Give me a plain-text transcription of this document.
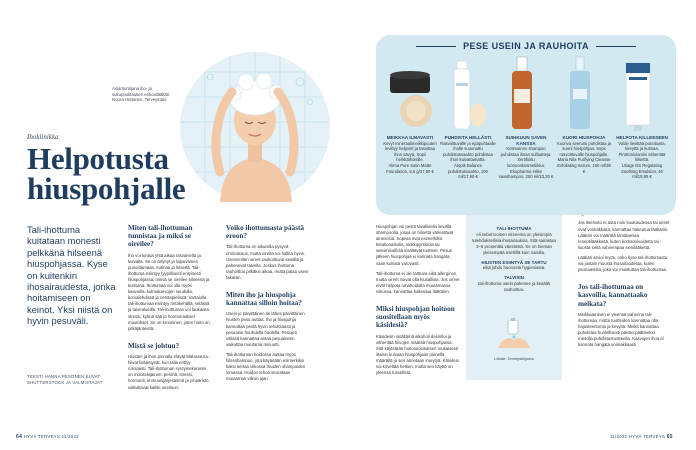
Asiantuntijana iho- ja sukupuolitautien erikoislääkäri Noora Huttunen, Terveystalo
Ihoklinikka
Helpotusta hiuspohjalle
Tali-ihottuma kuitataan monesti pelkkänä hilseenä hiuspohjassa. Kyse on kuitenkin ihosairaudesta, jonka hoitamiseen on keinot. Yksi niistä on hyvin pesuväli.
TEKSTI HANNA PESONEN KUVAT SHUTTERSTOCK JA VALMISTAJAT
Miten tali-ihottuman tunnistaa ja miksi se oireilee?

Iho voi tuntua yhtä aikaa rasvaiselta ja kuivalta. Se on ärtynyt ja taipuvainen punoittamaan, kutinaa ja hilsettä. Tali-ihottuma esiintyy tyypillisesti erityisesti hiuspohjassa, missä se oireilee hilseenä ja kutinana. Ihottumaa voi olla myös kasvoilla, kulmakarvojen seudulla, korvalehdissä ja nenänpielissä. Vartalolla tali-ihottumaa esiintyy rintakehällä, selässä ja taivealueilla. Tali-ihottuman voi laukaista stressi, kylmä sää ja hormonaaliset muutokset. Se on krooninen, joten hoito on pitkäjänteistä.

Mistä se johtuu?

Hiusten ja ihon pinnalla elävät Malassezia-hiivat lisääntyvät, kun talia erittyy runsaasti. Tali-ihottuman syntymekanismi on monitekijäinen: perimä, stressi, hormonit, immuunijärjestelmä ja ympäristö vaikuttavat kaikki oireiluun.

Voiko ihottumasta päästä eroon?

Tali-ihottuma on aikuisilla pysyvä ominaisuus, mutta oireita voi hallita hyvin. Useimmiten oireet rauhoittuvat kesällä ja pahenevat talvella. Joskus ihottuma rauhoittuu pitkäksi aikaa, mutta palaa usein takaisin.

Miten iho ja hiuspohja kannattaa silloin hoitaa?

Usein jo päivittäinen tai lähes päivittäinen hiusten pesu auttaa. Iho ja hiuspohja kannattaa pestä hyvin tehokkaasti ja pesuaine huuhdella huolella. Pesujen välissä kannattaa antaa pesuaineen vaikuttaa muutama minuutti.

Tali-ihottuman hoidossa auttaa myös hilseshampoo, jota käytetään esimerkiksi kaksi kertaa viikossa muiden shampoiden lomassa. Hoidon tehoa seurataan muutaman viikon ajan.

Hiuspohjan voi pestä tavallisella lievällä shampoolla, jossa on hilsettä vähentäviä ainesosia. Sopivia ovat esimerkiksi ketokonatsolia, sinkkipyritionia tai seleenisulfidia sisältävät tuotteet. Pesun jälkeen hiuspohjaa ei kannata hangata, vaan kuivata varovasti.

Tali-ihottuma ei ole tarttuva eikä allerginen, mutta oireet voivat olla kiusallisia. Jos oireet eivät helpota omahoidolla muutamassa viikossa, kannattaa hakeutua lääkäriin.

Miksi hiuspohjan hoitoon suositellaan myös käsidesiä?

Käsidesin sisältämä alkoholi desinfioi ja vähentää hiivojen määrää hiuspohjassa. Sitä käytetään hoitosuosituksen mukaisesti iltaisin kuivaan hiuspohjaan pienellä määrällä ja sen annetaan imeytyä. Käsidesi voi kirveltää hetken, mutta sen käyttö on yleensä turvallista.

TALI-IHOTTUMA

eli seborrooinen ekseema on yleisimpiä tulehduksellisia ihosairauksia. Sitä sairastaa 3–5 prosenttia väestöstä. Se on hieman yleisempää miehillä kuin naisilla.

HIUSTEN ESIINTYÄ SE TARTU

eikä johdu huonosta hygieniasta.

TALVISIN

tali-ihottuma usein pahenee ja kesällä rauhoittuu.

Lähde: Terveyskirjasto

Jos itsehoito ei auta noin kuukaudessa tai oireet ovat voimakkaita, kannattaa hakeutua lääkäriin. Lääkäri voi määrätä tarvittaessa reseptilääkkeitä, kuten kortisonivoidetta tai -liuosta sekä vahvempaa sienilääkettä.

Lääkäri arvioi myös, onko kyse tali-ihottumasta vai jostain muusta ihosairaudesta, kuten psoriaasista, joka voi muistuttaa tali-ihottumaa.

Jos tali-ihottumaa on kasvoilla, kannattaako meikata?

Meikkaaminen ei yleensä pahenna tali-ihottumaa, mutta tuotteiden kannattaa olla hajusteettomia ja kevyitä. Meikit kannattaa puhdistaa huolellisesti päivän päätteeksi mietolla puhdistustuotteella. Kasvojen ihoa ei kannata hangata voimakkaasti.

PESE USEIN JA RAUHOITA
MEIKKAA ILMAVASTI
Kevyt mineraalimeikkipuuteri levittyy helposti ja tasoittaa ihon sävyä. Sopii herkkäihoisille.
Alima Pure Satin Matte Foundation, 6,5 g/37,90 €
PUHDISTA HELLÄSTI
Rasvoittuvalle ja epäpuhtaalle iholle suunnattu puhdistusvaahto puhdistaa ihon kuivattamatta.
Atopik Balance puhdistusvaahto, 100 ml/17,90 €
SUIHKUUN SAVEN KANSSA
Kotimainen shampoo puhdistaa ilman sulfaatteja. Sertifioitu luonnonkosmetiikka.
Ekopharma Hilse savishampoo, 250 ml/23,20 €
KUORI HIUSPOHJA
Kuoriva seerumi puhdistaa ja kuorii hiuspohjaa. Sopii rasvoittuvalle hiuspohjalle.
Maria Nila Purifying Cleanse Exfoliating Serum, 150 ml/39 €
HELPOTA KILLEESEEN
Voide lievittää punoitusta, kireyttä ja kutinaa. Pirottoniolaniini vähentää hilsettä.
Uriage DS Regulating Soothing Emulsion, 40 ml/19,95 €
64 HYVÄ TERVEYS 11/2022	11/2022 HYVÄ TERVEYS 65
